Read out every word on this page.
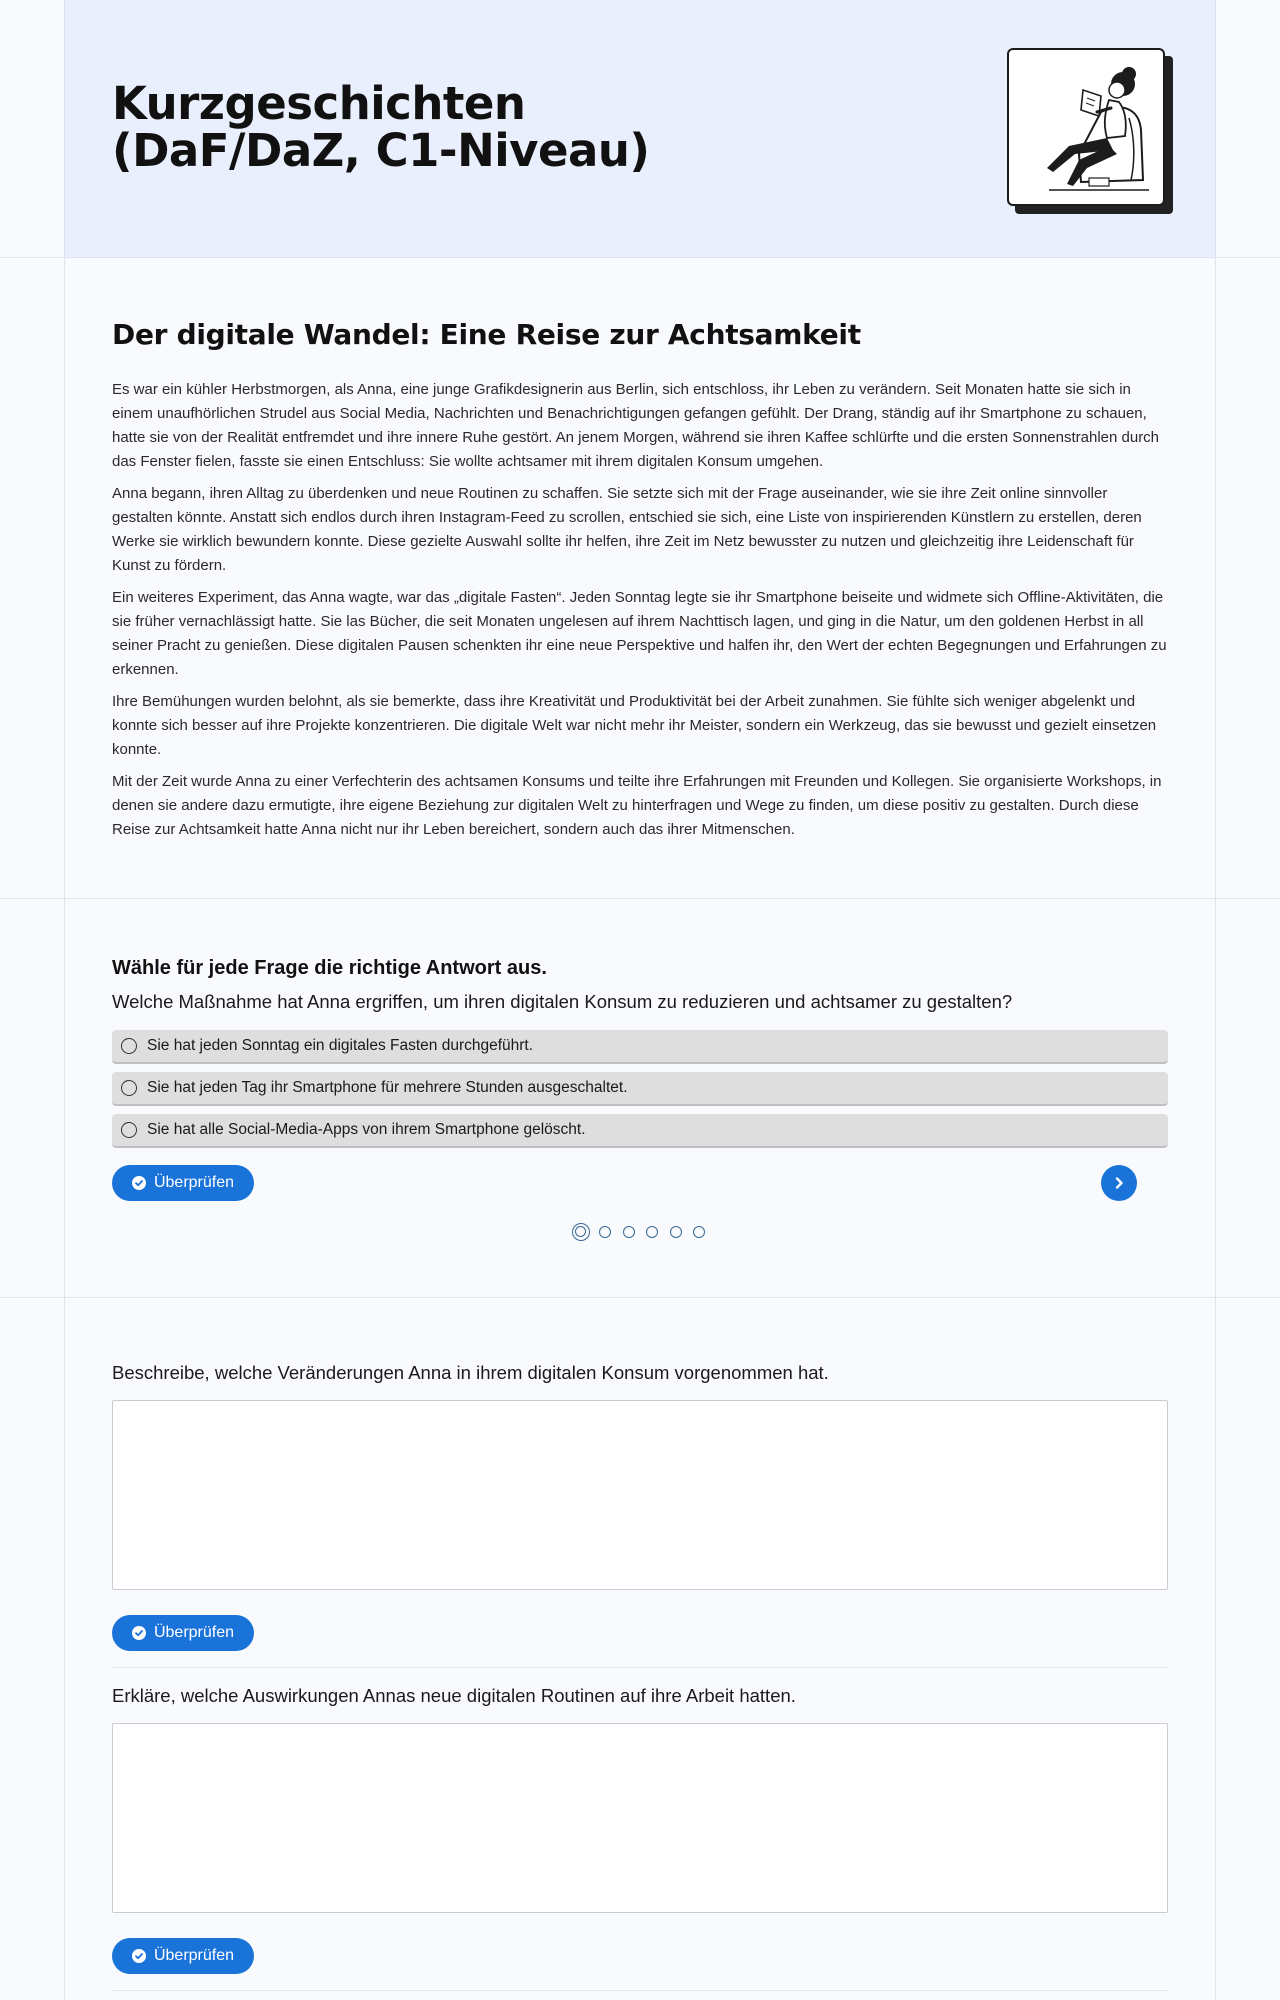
Kurzgeschichten
(DaF/DaZ, C1-Niveau)
Der digitale Wandel: Eine Reise zur Achtsamkeit

Es war ein kühler Herbstmorgen, als Anna, eine junge Grafikdesignerin aus Berlin, sich entschloss, ihr Leben zu verändern. Seit Monaten hatte sie sich in einem unaufhörlichen Strudel aus Social Media, Nachrichten und Benachrichtigungen gefangen gefühlt. Der Drang, ständig auf ihr Smartphone zu schauen, hatte sie von der Realität entfremdet und ihre innere Ruhe gestört. An jenem Morgen, während sie ihren Kaffee schlürfte und die ersten Sonnenstrahlen durch das Fenster fielen, fasste sie einen Entschluss: Sie wollte achtsamer mit ihrem digitalen Konsum umgehen.

Anna begann, ihren Alltag zu überdenken und neue Routinen zu schaffen. Sie setzte sich mit der Frage auseinander, wie sie ihre Zeit online sinnvoller gestalten könnte. Anstatt sich endlos durch ihren Instagram-Feed zu scrollen, entschied sie sich, eine Liste von inspirierenden Künstlern zu erstellen, deren Werke sie wirklich bewundern konnte. Diese gezielte Auswahl sollte ihr helfen, ihre Zeit im Netz bewusster zu nutzen und gleichzeitig ihre Leidenschaft für Kunst zu fördern.

Ein weiteres Experiment, das Anna wagte, war das „digitale Fasten“. Jeden Sonntag legte sie ihr Smartphone beiseite und widmete sich Offline-Aktivitäten, die sie früher vernachlässigt hatte. Sie las Bücher, die seit Monaten ungelesen auf ihrem Nachttisch lagen, und ging in die Natur, um den goldenen Herbst in all seiner Pracht zu genießen. Diese digitalen Pausen schenkten ihr eine neue Perspektive und halfen ihr, den Wert der echten Begegnungen und Erfahrungen zu erkennen.

Ihre Bemühungen wurden belohnt, als sie bemerkte, dass ihre Kreativität und Produktivität bei der Arbeit zunahmen. Sie fühlte sich weniger abgelenkt und konnte sich besser auf ihre Projekte konzentrieren. Die digitale Welt war nicht mehr ihr Meister, sondern ein Werkzeug, das sie bewusst und gezielt einsetzen konnte.

Mit der Zeit wurde Anna zu einer Verfechterin des achtsamen Konsums und teilte ihre Erfahrungen mit Freunden und Kollegen. Sie organisierte Workshops, in denen sie andere dazu ermutigte, ihre eigene Beziehung zur digitalen Welt zu hinterfragen und Wege zu finden, um diese positiv zu gestalten. Durch diese Reise zur Achtsamkeit hatte Anna nicht nur ihr Leben bereichert, sondern auch das ihrer Mitmenschen.

Wähle für jede Frage die richtige Antwort aus.
Welche Maßnahme hat Anna ergriffen, um ihren digitalen Konsum zu reduzieren und achtsamer zu gestalten?
Sie hat jeden Sonntag ein digitales Fasten durchgeführt.
Sie hat jeden Tag ihr Smartphone für mehrere Stunden ausgeschaltet.
Sie hat alle Social-Media-Apps von ihrem Smartphone gelöscht.
Überprüfen
Beschreibe, welche Veränderungen Anna in ihrem digitalen Konsum vorgenommen hat.
Überprüfen
Erkläre, welche Auswirkungen Annas neue digitalen Routinen auf ihre Arbeit hatten.
Überprüfen
